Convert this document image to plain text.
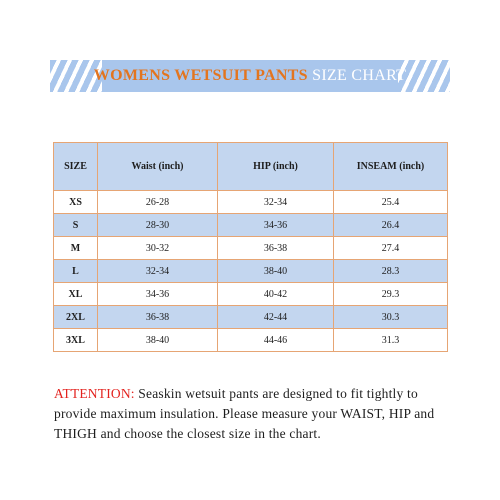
WOMENS WETSUIT PANTS SIZE CHART
SIZE	Waist (inch)	HIP (inch)	INSEAM (inch)
XS	26-28	32-34	25.4
S	28-30	34-36	26.4
M	30-32	36-38	27.4
L	32-34	38-40	28.3
XL	34-36	40-42	29.3
2XL	36-38	42-44	30.3
3XL	38-40	44-46	31.3

ATTENTION: Seaskin wetsuit pants are designed to fit tightly to provide maximum insulation. Please measure your WAIST, HIP and THIGH and choose the closest size in the chart.
